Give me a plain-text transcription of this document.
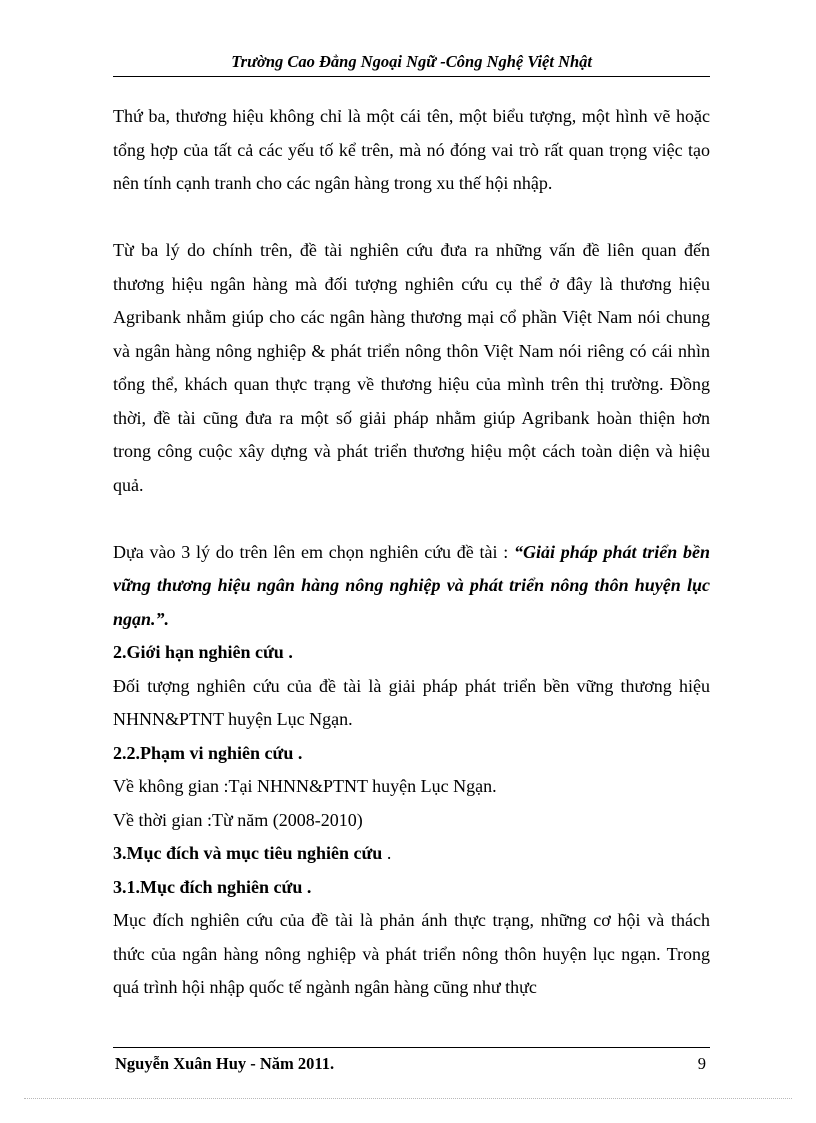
Trường Cao Đẳng Ngoại Ngữ -Công Nghệ Việt Nhật

Thứ ba, thương hiệu không chỉ là một cái tên, một biểu tượng, một hình vẽ hoặc tổng hợp của tất cả các yếu tố kể trên, mà nó đóng vai trò rất quan trọng việc tạo nên tính cạnh tranh cho các ngân hàng trong xu thế hội nhập.

Từ ba lý do chính trên, đề tài nghiên cứu đưa ra những vấn đề liên quan đến thương hiệu ngân hàng mà đối tượng nghiên cứu cụ thể ở đây là thương hiệu Agribank nhằm giúp cho các ngân hàng thương mại cổ phần Việt Nam nói chung và ngân hàng nông nghiệp & phát triển nông thôn Việt Nam nói riêng có cái nhìn tổng thể, khách quan thực trạng về thương hiệu của mình trên thị trường. Đồng thời, đề tài cũng đưa ra một số giải pháp nhằm giúp Agribank hoàn thiện hơn trong công cuộc xây dựng và phát triển thương hiệu một cách toàn diện và hiệu quả.

Dựa vào 3 lý do trên lên em chọn nghiên cứu đề tài : “Giải pháp phát triển bền vững thương hiệu ngân hàng nông nghiệp và phát triển nông thôn huyện lục ngạn.”.

2.Giới hạn nghiên cứu .

Đối tượng nghiên cứu của đề tài là giải pháp phát triển bền vững thương hiệu NHNN&PTNT huyện Lục Ngạn.

2.2.Phạm vi nghiên cứu .

Về không gian :Tại NHNN&PTNT huyện Lục Ngạn.

Về thời gian :Từ năm (2008-2010)

3.Mục đích và mục tiêu nghiên cứu .

3.1.Mục đích nghiên cứu .

Mục đích nghiên cứu của đề tài là phản ánh thực trạng, những cơ hội và thách thức của ngân hàng nông nghiệp và phát triển nông thôn huyện lục ngạn. Trong quá trình hội nhập quốc tế ngành ngân hàng cũng như thực

Nguyễn Xuân Huy - Năm 2011.	9
